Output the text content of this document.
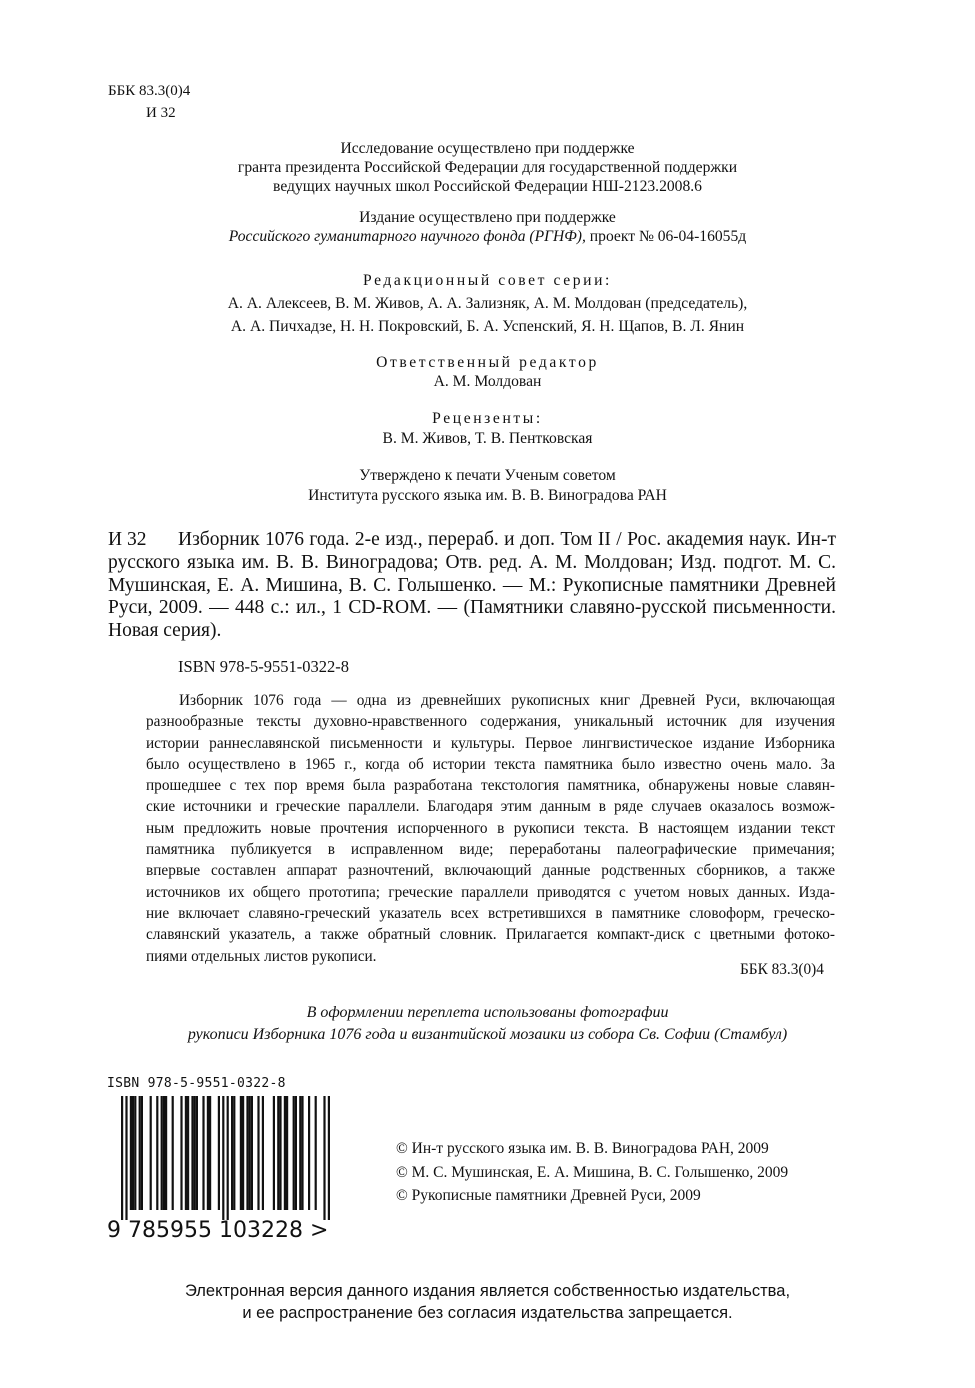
ББК 83.3(0)4
И 32
Исследование осуществлено при поддержке
гранта президента Российской Федерации для государственной поддержки
ведущих научных школ Российской Федерации НШ-2123.2008.6
Издание осуществлено при поддержке
Российского гуманитарного научного фонда (РГНФ), проект № 06-04-16055д
Редакционный совет серии:
А. А. Алексеев, В. М. Живов, А. А. Зализняк, А. М. Молдован (председатель),
А. А. Пичхадзе, Н. Н. Покровский, Б. А. Успенский, Я. Н. Щапов, В. Л. Янин
Ответственный редактор
А. М. Молдован
Рецензенты:
В. М. Живов, Т. В. Пентковская
Утверждено к печати Ученым советом
Института русского языка им. В. В. Виноградова РАН
И 32	Изборник 1076 года. 2-е изд., перераб. и доп. Том II / Рос. академия наук. Ин-т русского языка им. В. В. Виноградова; Отв. ред. А. М. Молдован; Изд. подгот. М. С. Мушинская, Е. А. Мишина, В. С. Голышенко. — М.: Рукописные памятники Древней Руси, 2009. — 448 с.: ил., 1 CD-ROM. — (Памятники славяно-русской письменности. Новая серия).
ISBN 978-5-9551-0322-8
Изборник 1076 года — одна из древнейших рукописных книг Древней Руси, включающая
разнообразные тексты духовно-нравственного содержания, уникальный источник для изучения
истории раннеславянской письменности и культуры. Первое лингвистическое издание Изборника
было осуществлено в 1965 г., когда об истории текста памятника было известно очень мало. За
прошедшее с тех пор время была разработана текстология памятника, обнаружены новые славян-
ские источники и греческие параллели. Благодаря этим данным в ряде случаев оказалось возмож-
ным предложить новые прочтения испорченного в рукописи текста. В настоящем издании текст
памятника публикуется в исправленном виде; переработаны палеографические примечания;
впервые составлен аппарат разночтений, включающий данные родственных сборников, а также
источников их общего прототипа; греческие параллели приводятся с учетом новых данных. Изда-
ние включает славяно-греческий указатель всех встретившихся в памятнике словоформ, греческо-
славянский указатель, а также обратный словник. Прилагается компакт-диск с цветными фотоко-
пиями отдельных листов рукописи.
ББК 83.3(0)4
В оформлении переплета использованы фотографии
рукописи Изборника 1076 года и византийской мозаики из собора Св. Софии (Стамбул)
ISBN 978-5-9551-0322-8
9 785955 103228 >
© Ин-т русского языка им. В. В. Виноградова РАН, 2009
© М. С. Мушинская, Е. А. Мишина, В. С. Голышенко, 2009
© Рукописные памятники Древней Руси, 2009
Электронная версия данного издания является собственностью издательства,
и ее распространение без согласия издательства запрещается.
